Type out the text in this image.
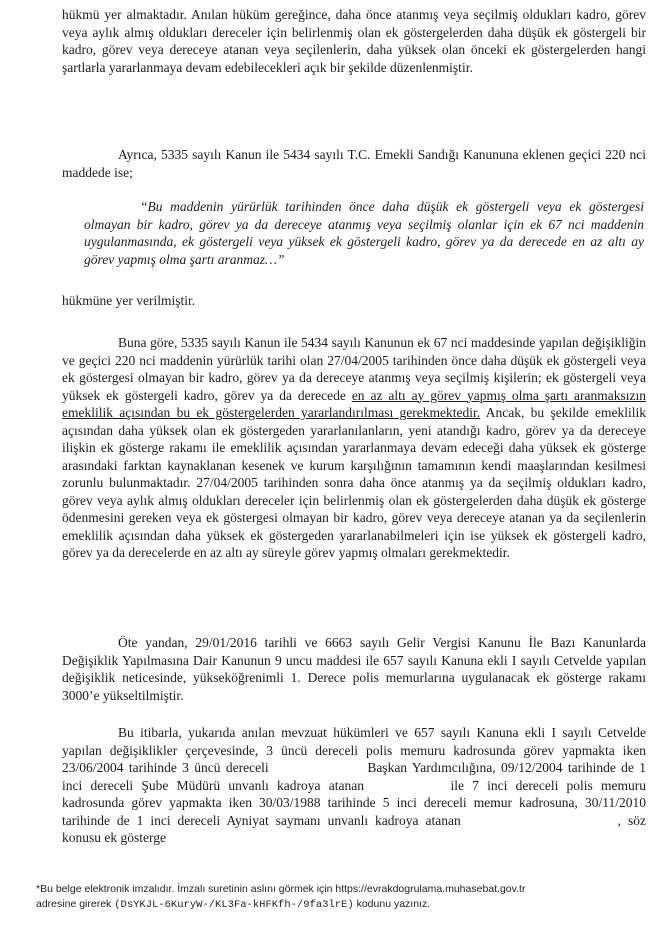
hükmü yer almaktadır. Anılan hüküm gereğince, daha önce atanmış veya seçilmiş oldukları kadro, görev veya aylık almış oldukları dereceler için belirlenmiş olan ek göstergelerden daha düşük ek göstergeli bir kadro, görev veya dereceye atanan veya seçilenlerin, daha yüksek olan önceki ek göstergelerden hangi şartlarla yararlanmaya devam edebilecekleri açık bir şekilde düzenlenmiştir.

Ayrıca, 5335 sayılı Kanun ile 5434 sayılı T.C. Emekli Sandığı Kanununa eklenen geçici 220 nci maddede ise;

“Bu maddenin yürürlük tarihinden önce daha düşük ek göstergeli veya ek göstergesi olmayan bir kadro, görev ya da dereceye atanmış veya seçilmiş olanlar için ek 67 nci maddenin uygulanmasında, ek göstergeli veya yüksek ek göstergeli kadro, görev ya da derecede en az altı ay görev yapmış olma şartı aranmaz…”

hükmüne yer verilmiştir.

Buna göre, 5335 sayılı Kanun ile 5434 sayılı Kanunun ek 67 nci maddesinde yapılan değişikliğin ve geçici 220 nci maddenin yürürlük tarihi olan 27/04/2005 tarihinden önce daha düşük ek göstergeli veya ek göstergesi olmayan bir kadro, görev ya da dereceye atanmış veya seçilmiş kişilerin; ek göstergeli veya yüksek ek göstergeli kadro, görev ya da derecede en az altı ay görev yapmış olma şartı aranmaksızın emeklilik açısından bu ek göstergelerden yararlandırılması gerekmektedir. Ancak, bu şekilde emeklilik açısından daha yüksek olan ek göstergeden yararlanılanların, yeni atandığı kadro, görev ya da dereceye ilişkin ek gösterge rakamı ile emeklilik açısından yararlanmaya devam edeceği daha yüksek ek gösterge arasındaki farktan kaynaklanan kesenek ve kurum karşılığının tamamının kendi maaşlarından kesilmesi zorunlu bulunmaktadır. 27/04/2005 tarihinden sonra daha önce atanmış ya da seçilmiş oldukları kadro, görev veya aylık almış oldukları dereceler için belirlenmiş olan ek göstergelerden daha düşük ek gösterge ödenmesini gereken veya ek göstergesi olmayan bir kadro, görev veya dereceye atanan ya da seçilenlerin emeklilik açısından daha yüksek ek göstergeden yararlanabilmeleri için ise yüksek ek göstergeli kadro, görev ya da derecelerde en az altı ay süreyle görev yapmış olmaları gerekmektedir.

Öte yandan, 29/01/2016 tarihli ve 6663 sayılı Gelir Vergisi Kanunu İle Bazı Kanunlarda Değişiklik Yapılmasına Dair Kanunun 9 uncu maddesi ile 657 sayılı Kanuna ekli I sayılı Cetvelde yapılan değişiklik neticesinde, yükseköğrenimli 1. Derece polis memurlarına uygulanacak ek gösterge rakamı 3000’e yükseltilmiştir.

Bu itibarla, yukarıda anılan mevzuat hükümleri ve 657 sayılı Kanuna ekli I sayılı Cetvelde yapılan değişiklikler çerçevesinde, 3 üncü dereceli polis memuru kadrosunda görev yapmakta iken 23/06/2004 tarihinde 3 üncü dereceli	Başkan Yardımcılığına, 09/12/2004 tarihinde de 1 inci dereceli Şube Müdürü unvanlı kadroya atanan	ile 7 inci dereceli polis memuru kadrosunda görev yapmakta iken 30/03/1988 tarihinde 5 inci dereceli memur kadrosuna, 30/11/2010 tarihinde de 1 inci dereceli Ayniyat saymanı unvanlı kadroya atanan	, söz konusu ek gösterge

*Bu belge elektronik imzalıdır. İmzalı suretinin aslını görmek için https://evrakdogrulama.muhasebat.gov.tr
adresine girerek (DsYKJL-6KuryW-/KL3Fa-kHFKfh-/9fa3lrE) kodunu yazınız.
